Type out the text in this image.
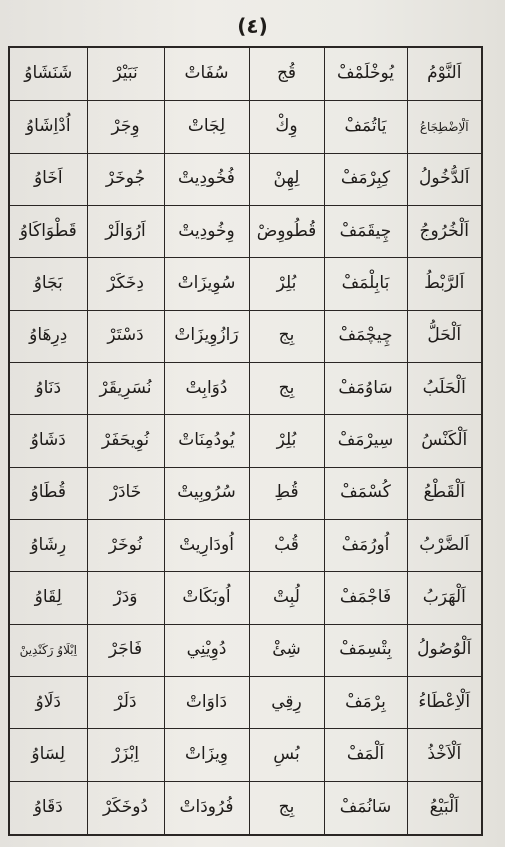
(٤)
اَلنَّوْمُ	يُوخْلَمْفْ	قُج	سُفَاتْ	نَبَيْرْ	شَنَشَاوُ
اَلْاِضْطِجَاعُ	يَاتُمَفْ	وِكْ	لِجَاتْ	وِجَرْ	اُدْاِشَاوُ
اَلدُّخُولُ	كِبِرْمَفْ	لِهِنْ	فُخُودِيتْ	جُوخَرْ	اَخَاوُ
اَلْخُرُوجُ	چِيقَمَفْ	قُطُووِضْ	وِخُودِيتْ	اَرُوَالَرْ	قَطْوَاكَاوُ
اَلرَّبْطُ	بَابِلْمَفْ	بُلِرْ	سُوِيزَاتْ	دِخَكَرْ	بَجَاوُ
اَلْحَلُّ	چِيچْمَفْ	بِج	رَازُوِيزَاتْ	دَسْتَرْ	دِرِهَاوُ
اَلْحَلَبُ	سَاوُمَفْ	بِج	دُوَابِتْ	نُسَرِيقَرْ	دَنَاوُ
اَلْكَنْسُ	سِيرْمَفْ	بُلِرْ	يُودُمِنَاتْ	نُوِيحَفَرْ	دَشَاوُ
اَلْقَطْعُ	كُسْمَفْ	قُطِ	سُرُوبِيتْ	خَادَرْ	قُطَاوُ
اَلضَّرْبُ	اُورُمَفْ	قُبْ	اُودَارِيتْ	نُوخَرْ	رِشَاوُ
اَلْهَرَبُ	فَاجْمَفْ	لُبِتْ	اُوبَكَاتْ	وَدَرْ	لِقَاوُ
اَلْوُصُولُ	بِتْسِمَفْ	شِئْ	دُوِيْنِي	فَاجَرْ	اِبْلَاوُ رَكَنْدِينْ
اَلْاِعْطَاءُ	بِرْمَفْ	رِقِي	دَاوَاتْ	دَلَرْ	دَلَاوُ
اَلْاَخْذُ	اَلْمَفْ	بُسِ	وِيزَاتْ	اِبْزَرْ	لِسَاوُ
اَلْبَيْعُ	سَانُمَفْ	بِج	فُرُودَاتْ	دُوخَكَرْ	دَقَاوُ
